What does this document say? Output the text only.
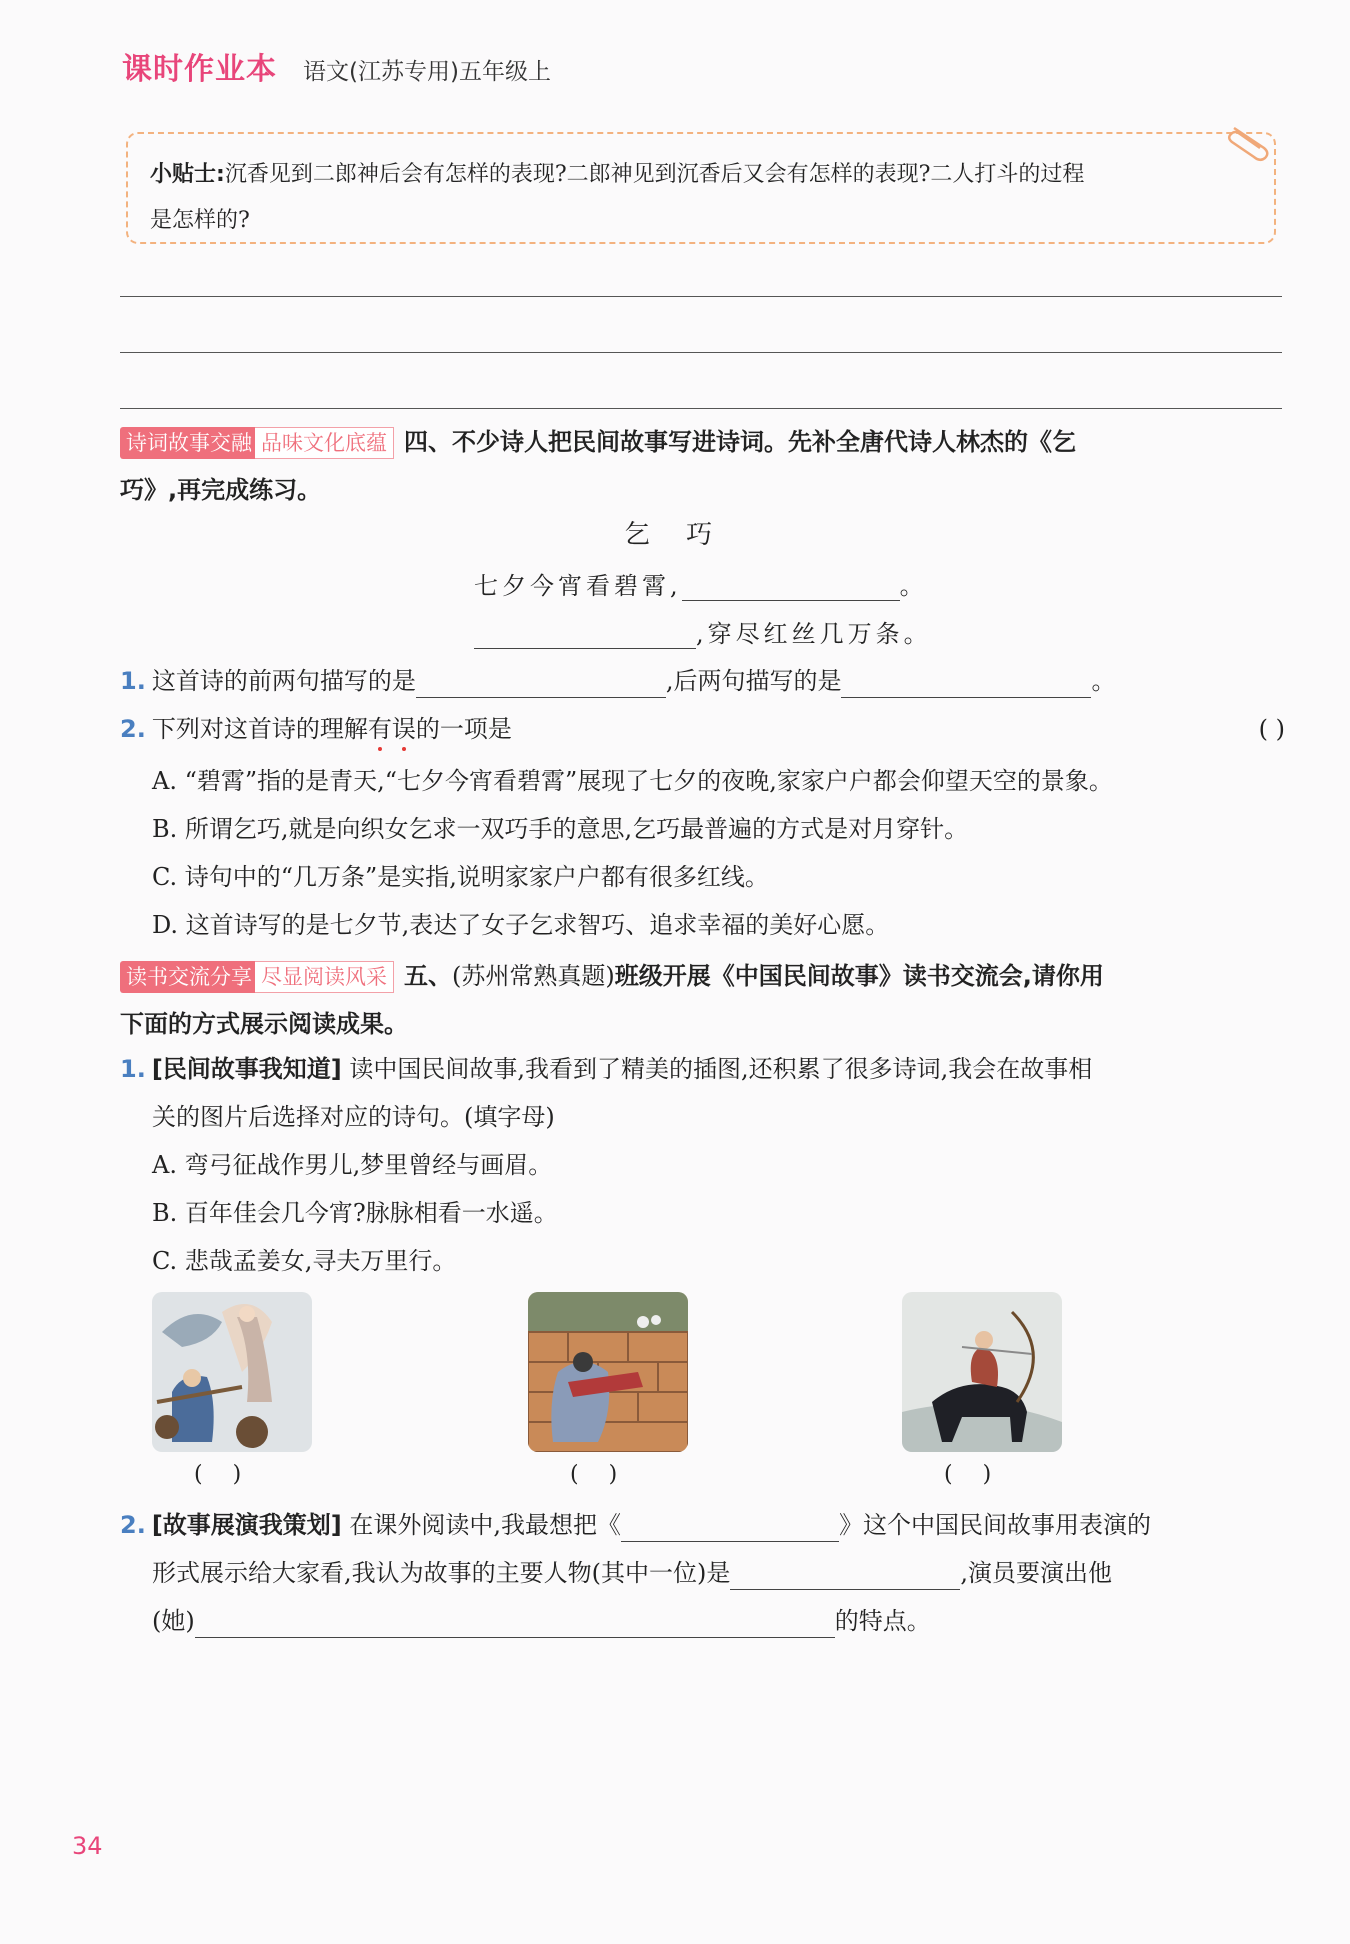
课时作业本 语文(江苏专用)五年级上
小贴士:沉香见到二郎神后会有怎样的表现?二郎神见到沉香后又会有怎样的表现?二人打斗的过程
是怎样的?
诗词故事交融 品味文化底蕴 四、不少诗人把民间故事写进诗词。先补全唐代诗人林杰的《乞
巧》,再完成练习。
乞 巧
七夕今宵看碧霄,	。
,穿尽红丝几万条。
1. 这首诗的前两句描写的是	,后两句描写的是	。
2. 下列对这首诗的理解有误的一项是	( )
A. “碧霄”指的是青天,“七夕今宵看碧霄”展现了七夕的夜晚,家家户户都会仰望天空的景象。
B. 所谓乞巧,就是向织女乞求一双巧手的意思,乞巧最普遍的方式是对月穿针。
C. 诗句中的“几万条”是实指,说明家家户户都有很多红线。
D. 这首诗写的是七夕节,表达了女子乞求智巧、追求幸福的美好心愿。
读书交流分享 尽显阅读风采 五、(苏州常熟真题)班级开展《中国民间故事》读书交流会,请你用
下面的方式展示阅读成果。
1. [民间故事我知道] 读中国民间故事,我看到了精美的插图,还积累了很多诗词,我会在故事相
关的图片后选择对应的诗句。(填字母)
A. 弯弓征战作男儿,梦里曾经与画眉。
B. 百年佳会几今宵?脉脉相看一水遥。
C. 悲哉孟姜女,寻夫万里行。
()	()	()
2. [故事展演我策划] 在课外阅读中,我最想把《	》这个中国民间故事用表演的
形式展示给大家看,我认为故事的主要人物(其中一位)是	,演员要演出他
(她)	的特点。
34
